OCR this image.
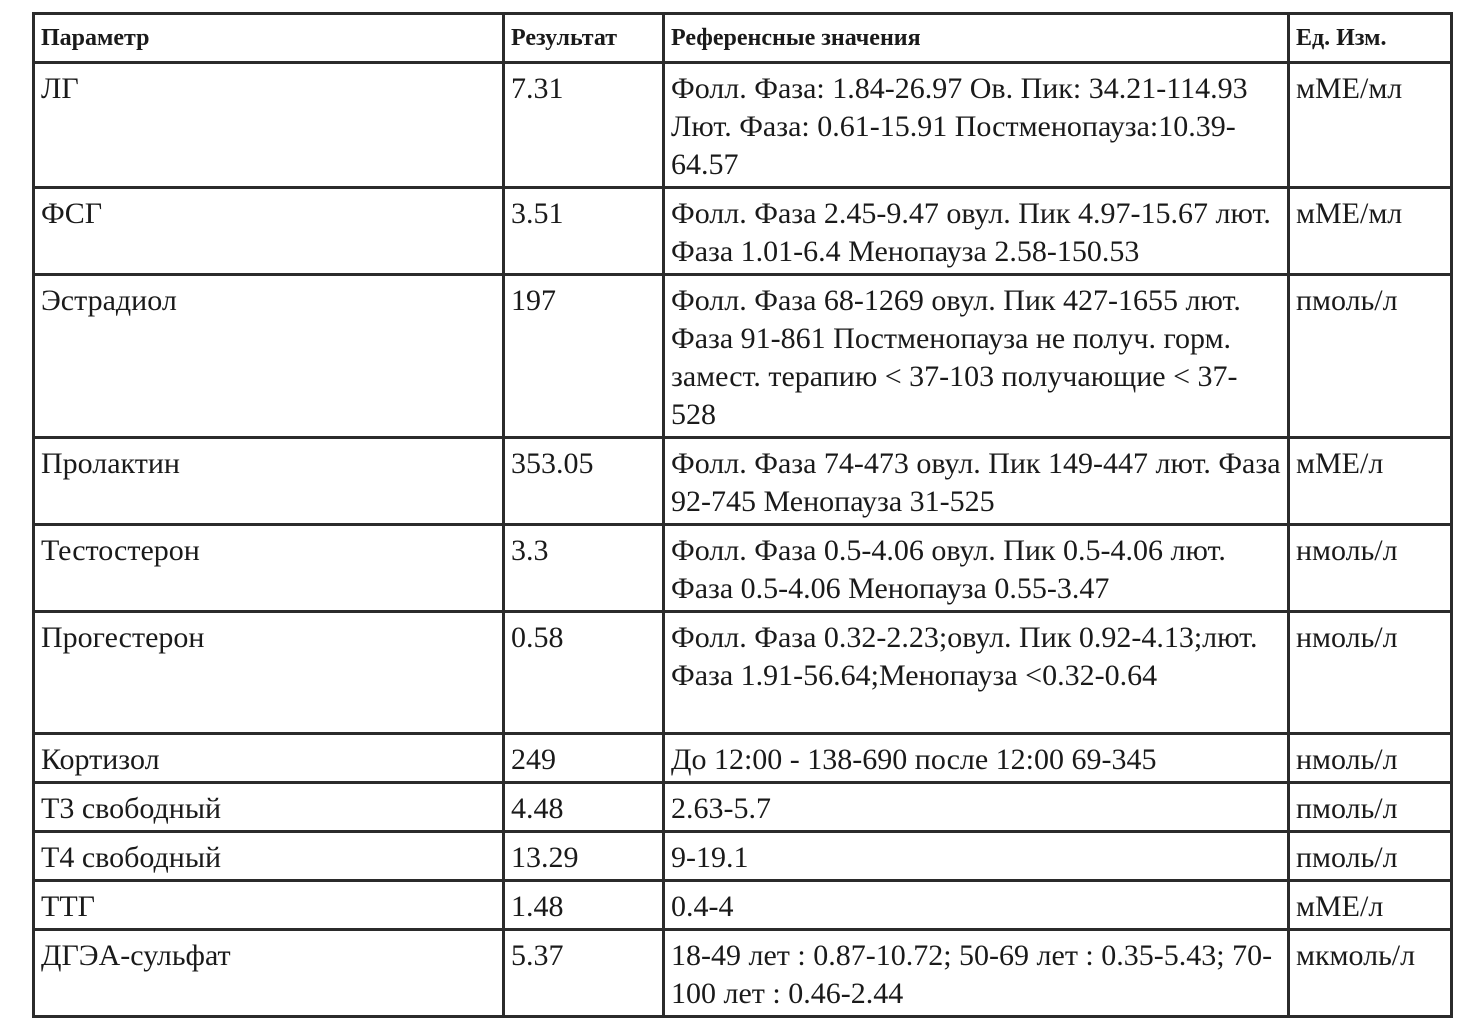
Параметр	Результат	Референсные значения	Ед. Изм.
ЛГ	7.31	Фолл. Фаза: 1.84-26.97 Ов. Пик: 34.21-114.93 Лют. Фаза: 0.61-15.91 Постменопауза:10.39-64.57	мМЕ/мл
ФСГ	3.51	Фолл. Фаза 2.45-9.47 овул. Пик 4.97-15.67 лют. Фаза 1.01-6.4 Менопауза 2.58-150.53	мМЕ/мл
Эстрадиол	197	Фолл. Фаза 68-1269 овул. Пик 427-1655 лют. Фаза 91-861 Постменопауза не получ. горм. замест. терапию < 37-103 получающие < 37-528	пмоль/л
Пролактин	353.05	Фолл. Фаза 74-473 овул. Пик 149-447 лют. Фаза 92-745 Менопауза 31-525	мМЕ/л
Тестостерон	3.3	Фолл. Фаза 0.5-4.06 овул. Пик 0.5-4.06 лют. Фаза 0.5-4.06 Менопауза 0.55-3.47	нмоль/л
Прогестерон	0.58	Фолл. Фаза 0.32-2.23;овул. Пик 0.92-4.13;лют. Фаза 1.91-56.64;Менопауза <0.32-0.64	нмоль/л
Кортизол	249	До 12:00 - 138-690 после 12:00 69-345	нмоль/л
Т3 свободный	4.48	2.63-5.7	пмоль/л
Т4 свободный	13.29	9-19.1	пмоль/л
ТТГ	1.48	0.4-4	мМЕ/л
ДГЭА-сульфат	5.37	18-49 лет : 0.87-10.72; 50-69 лет : 0.35-5.43; 70-100 лет : 0.46-2.44	мкмоль/л
